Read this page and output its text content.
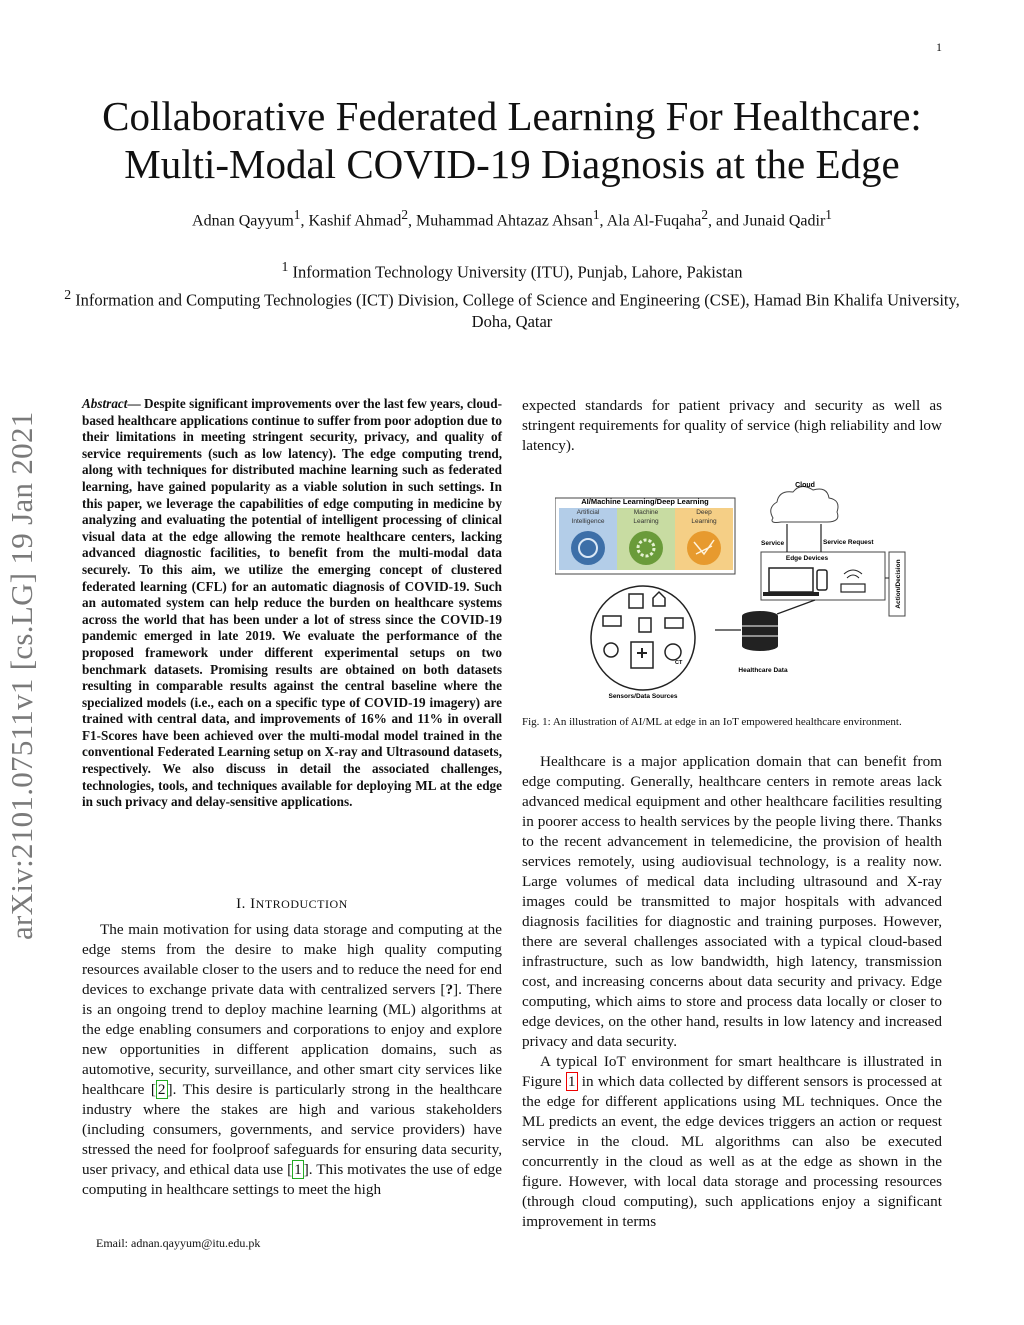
1
Collaborative Federated Learning For Healthcare:
Multi-Modal COVID-19 Diagnosis at the Edge
Adnan Qayyum$^1$, Kashif Ahmad$^2$, Muhammad Ahtazaz Ahsan$^1$, Ala Al-Fuqaha$^2$, and Junaid Qadir$^1$

$^1$ Information Technology University (ITU), Punjab, Lahore, Pakistan

$^2$ Information and Computing Technologies (ICT) Division, College of Science and Engineering (CSE), Hamad Bin Khalifa University, Doha, Qatar

arXiv:2101.07511v1 [cs.LG] 19 Jan 2021
Abstract— Despite significant improvements over the last few years, cloud-based healthcare applications continue to suffer from poor adoption due to their limitations in meeting stringent security, privacy, and quality of service requirements (such as low latency). The edge computing trend, along with techniques for distributed machine learning such as federated learning, have gained popularity as a viable solution in such settings. In this paper, we leverage the capabilities of edge computing in medicine by analyzing and evaluating the potential of intelligent processing of clinical visual data at the edge allowing the remote healthcare centers, lacking advanced diagnostic facilities, to benefit from the multi-modal data securely. To this aim, we utilize the emerging concept of clustered federated learning (CFL) for an automatic diagnosis of COVID-19. Such an automated system can help reduce the burden on healthcare systems across the world that has been under a lot of stress since the COVID-19 pandemic emerged in late 2019. We evaluate the performance of the proposed framework under different experimental setups on two benchmark datasets. Promising results are obtained on both datasets resulting in comparable results against the central baseline where the specialized models (i.e., each on a specific type of COVID-19 imagery) are trained with central data, and improvements of 16% and 11% in overall F1-Scores have been achieved over the multi-modal model trained in the conventional Federated Learning setup on X-ray and Ultrasound datasets, respectively. We also discuss in detail the associated challenges, technologies, tools, and techniques available for deploying ML at the edge in such privacy and delay-sensitive applications.
I. INTRODUCTION

The main motivation for using data storage and computing at the edge stems from the desire to make high quality computing resources available closer to the users and to reduce the need for end devices to exchange private data with centralized servers [?]. There is an ongoing trend to deploy machine learning (ML) algorithms at the edge enabling consumers and corporations to enjoy and explore new opportunities in different application domains, such as automotive, security, surveillance, and other smart city services like healthcare [ 2 ]. This desire is particularly strong in the healthcare industry where the stakes are high and various stakeholders (including consumers, governments, and service providers) have stressed the need for foolproof safeguards for ensuring data security, user privacy, and ethical data use [ 1 ]. This motivates the use of edge computing in healthcare settings to meet the high

Email: adnan.qayyum@itu.edu.pk

expected standards for patient privacy and security as well as stringent requirements for quality of service (high reliability and low latency).

AI/Machine Learning/Deep Learning
Artificial
Intelligence
Machine
Learning
Deep
Learning
Cloud
Edge Devices
Service	Service Request
Action/Decision
Healthcare Data
CT
Sensors/Data Sources
Fig. 1: An illustration of AI/ML at edge in an IoT empowered healthcare environment.

Healthcare is a major application domain that can benefit from edge computing. Generally, healthcare centers in remote areas lack advanced medical equipment and other healthcare facilities resulting in poorer access to health services by the people living there. Thanks to the recent advancement in telemedicine, the provision of health services remotely, using audiovisual technology, is a reality now. Large volumes of medical data including ultrasound and X-ray images could be transmitted to major hospitals with advanced diagnosis facilities for diagnostic and training purposes. However, there are several challenges associated with a typical cloud-based infrastructure, such as low bandwidth, high latency, transmission cost, and increasing concerns about data security and privacy. Edge computing, which aims to store and process data locally or closer to edge devices, on the other hand, results in low latency and increased privacy and data security.

A typical IoT environment for smart healthcare is illustrated in Figure 1 in which data collected by different sensors is processed at the edge for different applications using ML techniques. Once the ML predicts an event, the edge devices triggers an action or request service in the cloud. ML algorithms can also be executed concurrently in the cloud as well as at the edge as shown in the figure. However, with local data storage and processing resources (through cloud computing), such applications enjoy a significant improvement in terms
